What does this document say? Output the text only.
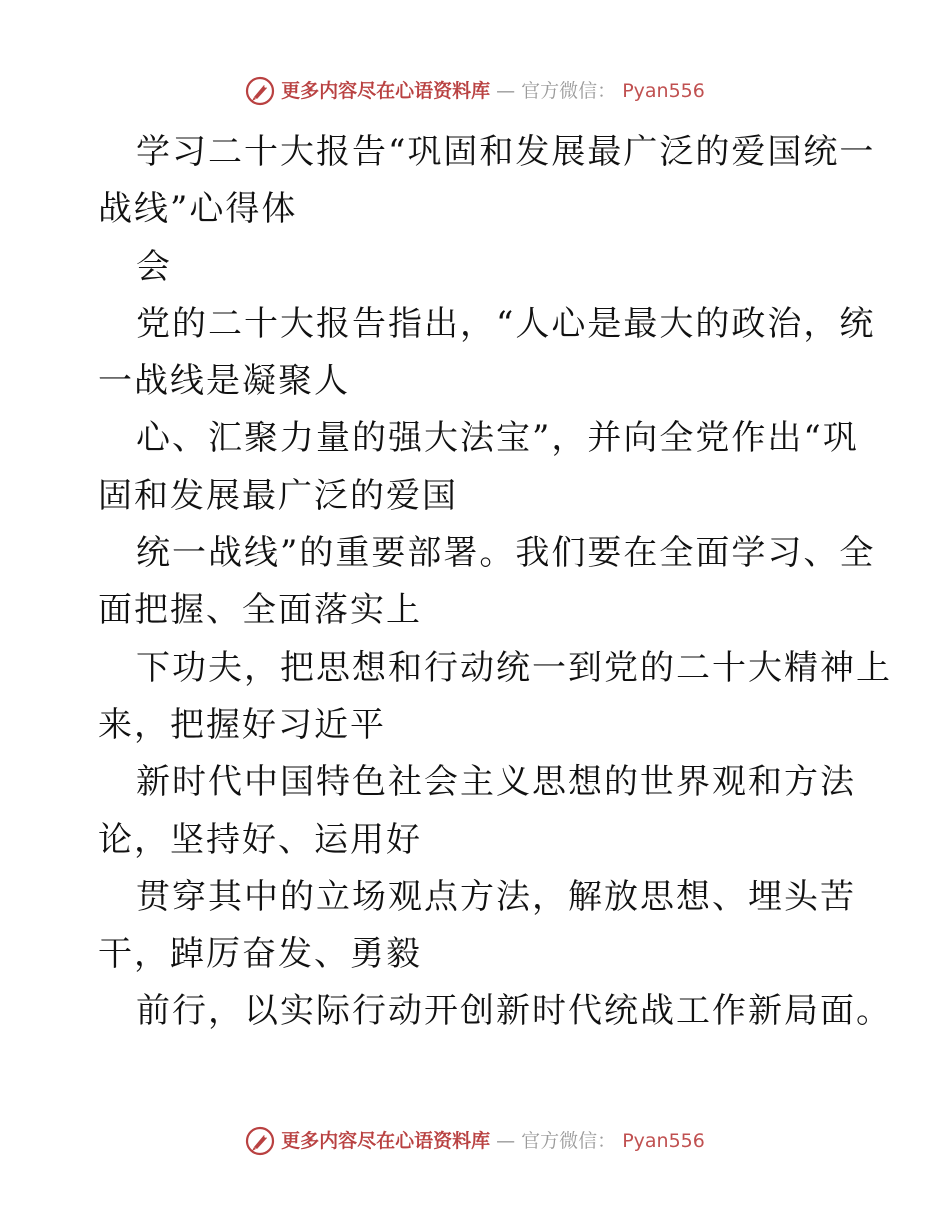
更多内容尽在心语资料库 — 官方微信： Pyan556
学习二十大报告“巩固和发展最广泛的爱国统一
战线”心得体
会
党的二十大报告指出，“人心是最大的政治，统
一战线是凝聚人
心、汇聚力量的强大法宝”，并向全党作出“巩
固和发展最广泛的爱国
统一战线”的重要部署。我们要在全面学习、全
面把握、全面落实上
下功夫，把思想和行动统一到党的二十大精神上
来，把握好习近平
新时代中国特色社会主义思想的世界观和方法
论，坚持好、运用好
贯穿其中的立场观点方法，解放思想、埋头苦
干，踔厉奋发、勇毅
前行，以实际行动开创新时代统战工作新局面。
更多内容尽在心语资料库 — 官方微信： Pyan556
